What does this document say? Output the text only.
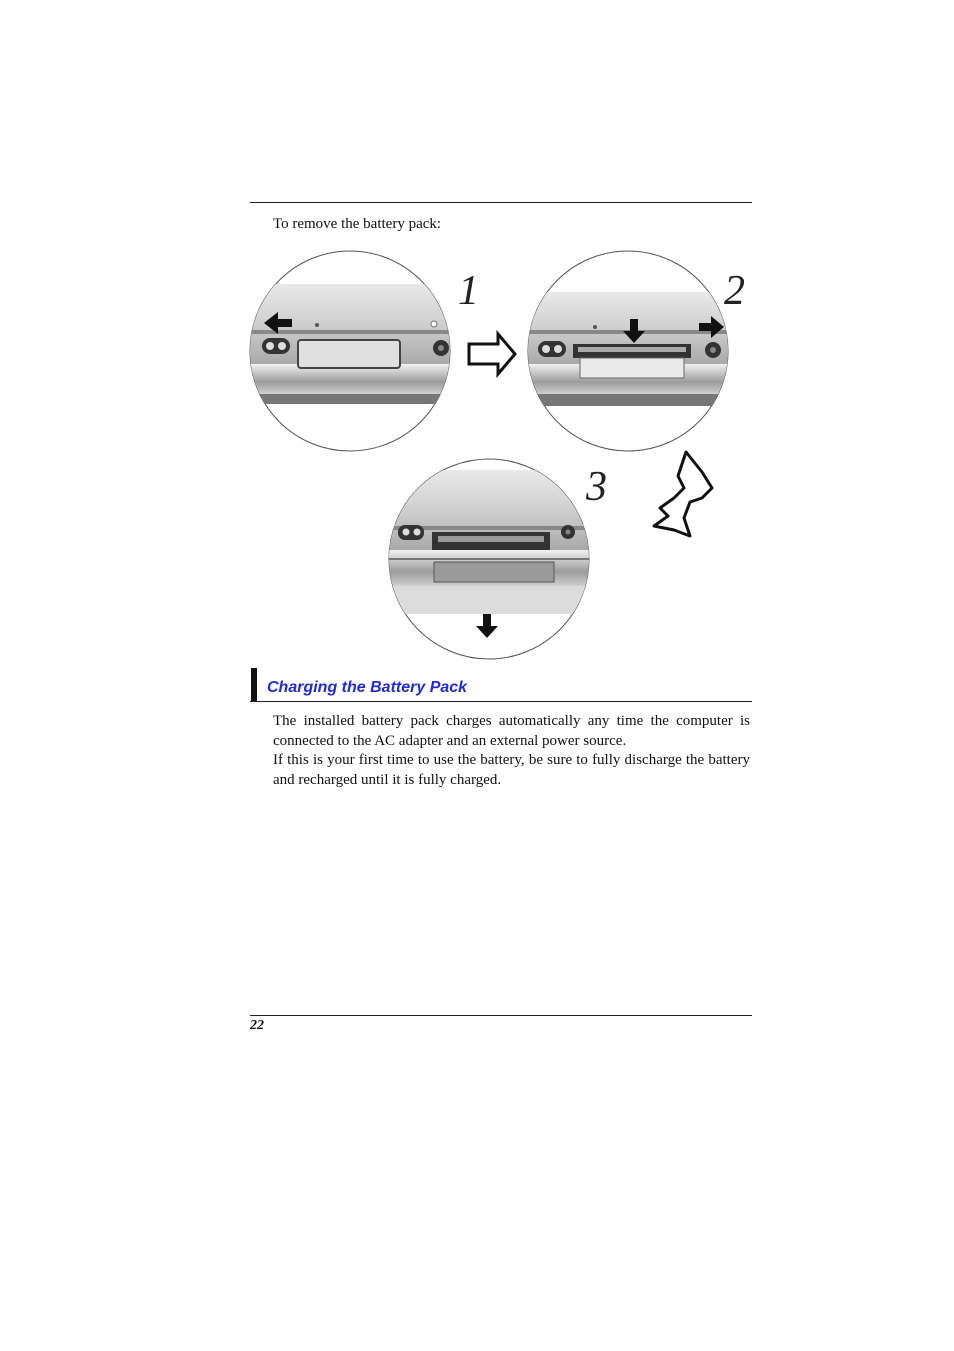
To remove the battery pack:
1	2
3
Charging the Battery Pack

The installed battery pack charges automatically any time the computer is connected to the AC adapter and an external power source.

If this is your first time to use the battery, be sure to fully discharge the battery and recharged until it is fully charged.

22
